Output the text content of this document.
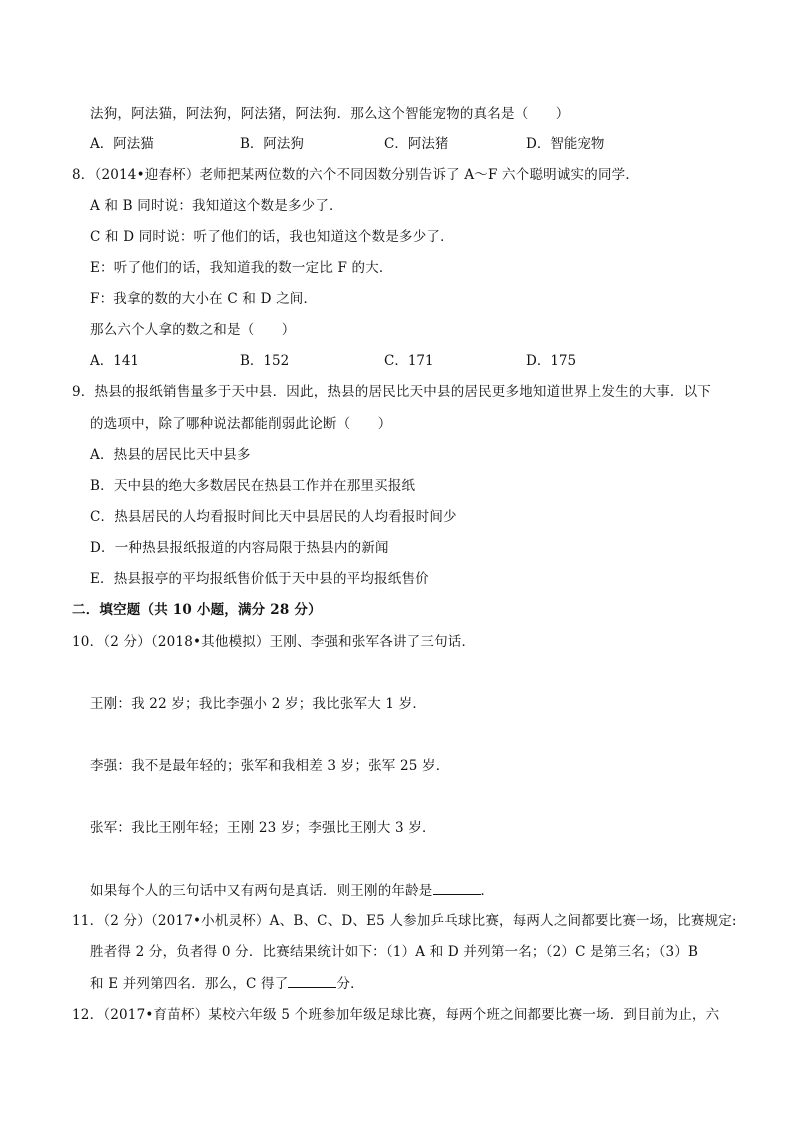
法狗，阿法猫，阿法狗，阿法猪，阿法狗．那么这个智能宠物的真名是（　　）
A．阿法猫	B．阿法狗	C．阿法猪	D．智能宠物
8．（2014•迎春杯）老师把某两位数的六个不同因数分别告诉了 A～F 六个聪明诚实的同学．
A 和 B 同时说：我知道这个数是多少了．
C 和 D 同时说：听了他们的话，我也知道这个数是多少了．
E：听了他们的话，我知道我的数一定比 F 的大．
F：我拿的数的大小在 C 和 D 之间．
那么六个人拿的数之和是（　　）
A．141	B．152	C．171	D．175
9．热县的报纸销售量多于天中县．因此，热县的居民比天中县的居民更多地知道世界上发生的大事．以下
的选项中，除了哪种说法都能削弱此论断（　　）
A．热县的居民比天中县多
B．天中县的绝大多数居民在热县工作并在那里买报纸
C．热县居民的人均看报时间比天中县居民的人均看报时间少
D．一种热县报纸报道的内容局限于热县内的新闻
E．热县报亭的平均报纸售价低于天中县的平均报纸售价
二．填空题（共 10 小题，满分 28 分）
10．（2 分）（2018•其他模拟）王刚、李强和张军各讲了三句话．
王刚：我 22 岁；我比李强小 2 岁；我比张军大 1 岁．
李强：我不是最年轻的；张军和我相差 3 岁；张军 25 岁．
张军：我比王刚年轻；王刚 23 岁；李强比王刚大 3 岁．
如果每个人的三句话中又有两句是真话．则王刚的年龄是	．
11．（2 分）（2017•小机灵杯）A、B、C、D、E5 人参加乒乓球比赛，每两人之间都要比赛一场，比赛规定:
胜者得 2 分，负者得 0 分．比赛结果统计如下：（1）A 和 D 并列第一名；（2）C 是第三名；（3）B
和 E 并列第四名．那么，C 得了	分．
12．（2017•育苗杯）某校六年级 5 个班参加年级足球比赛，每两个班之间都要比赛一场．到目前为止，六
